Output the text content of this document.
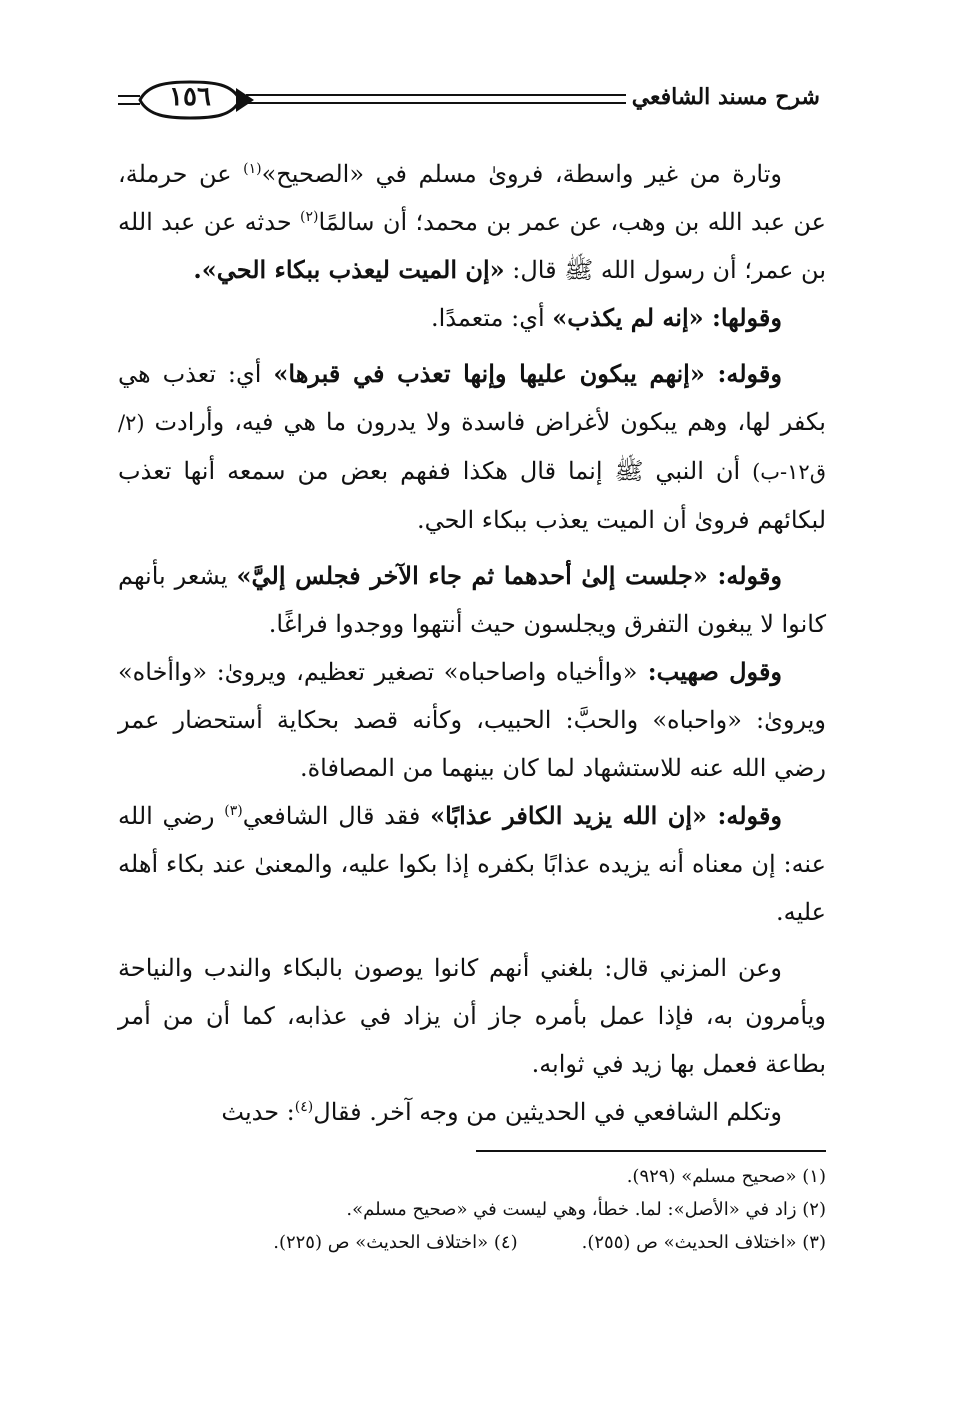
١٥٦	شرح مسند الشافعي

وتارة من غير واسطة، فرویٰ مسلم في «الصحيح»$^{(١)}$ عن حرملة، عن عبد الله بن وهب، عن عمر بن محمد؛ أن سالمًا$^{(٢)}$ حدثه عن عبد الله بن عمر؛ أن رسول الله ﷺ قال: «إن الميت ليعذب ببكاء الحي».

وقولها: «إنه لم يكذب» أي: متعمدًا.

وقوله: «إنهم يبكون عليها وإنها تعذب في قبرها» أي: تعذب هي بكفر لها، وهم يبكون لأغراض فاسدة ولا يدرون ما هي فيه، وأرادت (٢/ق١٢-ب) أن النبي ﷺ إنما قال هكذا ففهم بعض من سمعه أنها تعذب لبكائهم فرویٰ أن الميت يعذب ببكاء الحي.

وقوله: «جلست إلىٰ أحدهما ثم جاء الآخر فجلس إليَّ» يشعر بأنهم كانوا لا يبغون التفرق ويجلسون حيث أنتهوا ووجدوا فراغًا.

وقول صهيب: «واأخياه واصاحباه» تصغير تعظيم، ويرویٰ: «واأخاه» ويرویٰ: «واحباه» والحبَّ: الحبيب، وكأنه قصد بحكاية أستحضار عمر رضي الله عنه للاستشهاد لما كان بينهما من المصافاة.

وقوله: «إن الله يزيد الكافر عذابًا» فقد قال الشافعي$^{(٣)}$ رضي الله عنه: إن معناه أنه يزيده عذابًا بكفره إذا بكوا عليه، والمعنىٰ عند بكاء أهله عليه.

وعن المزني قال: بلغني أنهم كانوا يوصون بالبكاء والندب والنياحة ويأمرون به، فإذا عمل بأمره جاز أن يزاد في عذابه، كما أن من أمر بطاعة فعمل بها زيد في ثوابه.

وتكلم الشافعي في الحديثين من وجه آخر. فقال$^{(٤)}$: حديث

(١) «صحيح مسلم» (٩٢٩).
(٢) زاد في «الأصل»: لما. خطأ، وهي ليست في «صحيح مسلم».
(٣) «اختلاف الحديث» ص (٢٥٥).(٤) «اختلاف الحديث» ص (٢٢٥).
